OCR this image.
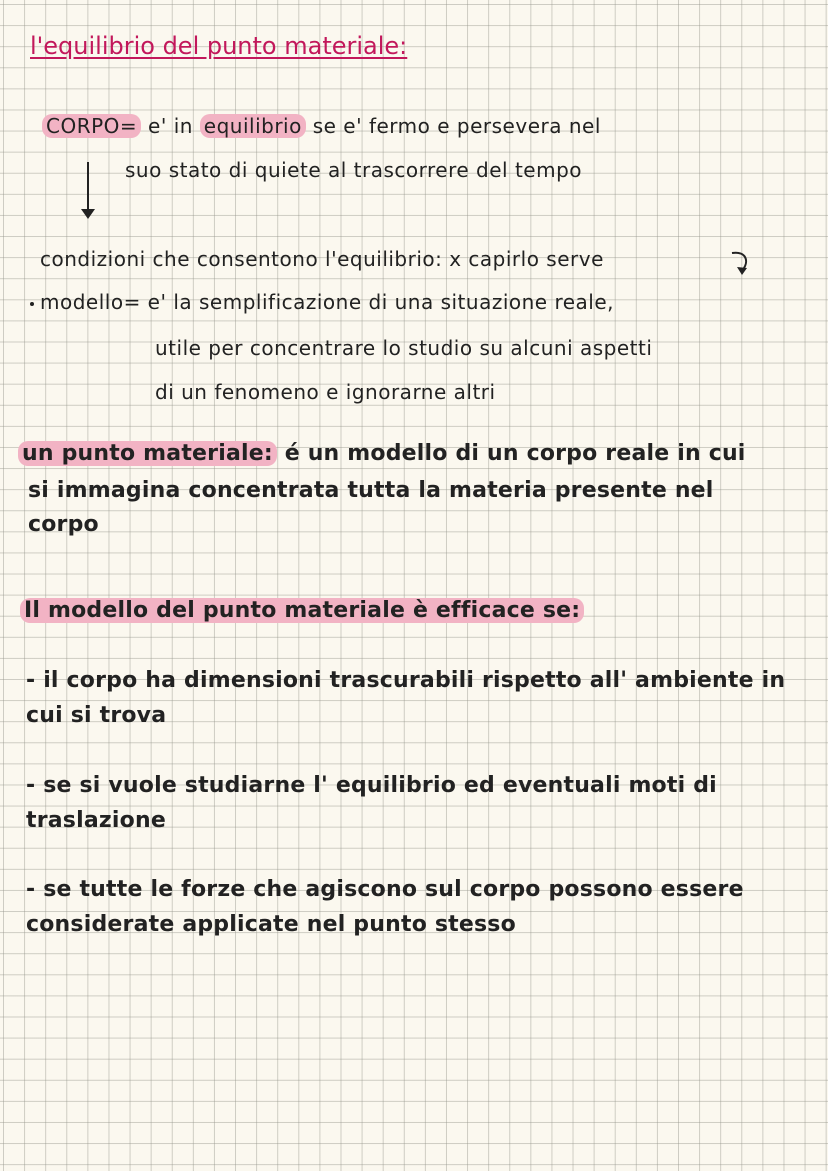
l'equilibrio del punto materiale:
CORPO= e' in equilibrio se e' fermo e persevera nel
suo stato di quiete al trascorrere del tempo
condizioni che consentono l'equilibrio: x capirlo serve
modello= e' la semplificazione di una situazione reale,
utile per concentrare lo studio su alcuni aspetti
di un fenomeno e ignorarne altri
un punto materiale: é un modello di un corpo reale in cui
si immagina concentrata tutta la materia presente nel
corpo
Il modello del punto materiale è efficace se:
- il corpo ha dimensioni trascurabili rispetto all' ambiente in
cui si trova
- se si vuole studiarne l' equilibrio ed eventuali moti di
traslazione
- se tutte le forze che agiscono sul corpo possono essere
considerate applicate nel punto stesso
